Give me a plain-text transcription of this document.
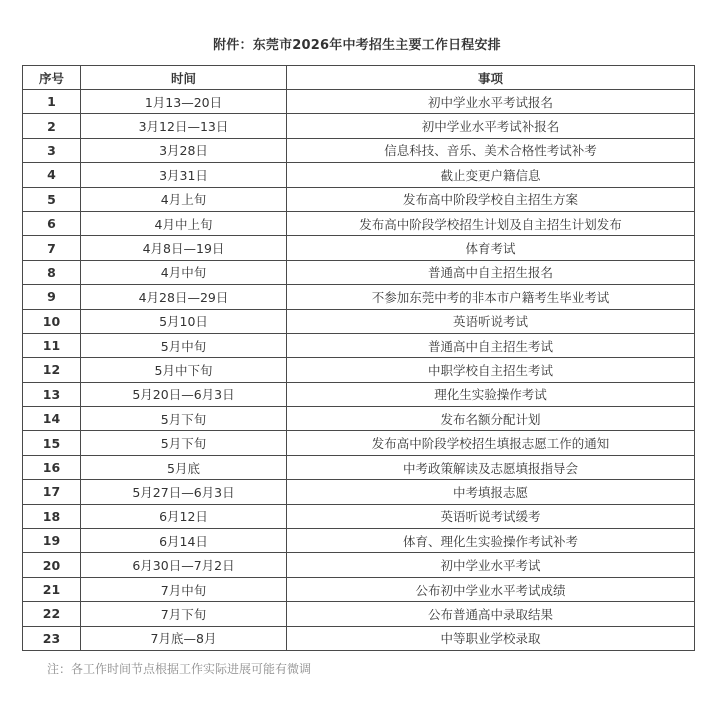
附件：东莞市2026年中考招生主要工作日程安排
序号	时间	事项
1	1月13—20日	初中学业水平考试报名
2	3月12日—13日	初中学业水平考试补报名
3	3月28日	信息科技、音乐、美术合格性考试补考
4	3月31日	截止变更户籍信息
5	4月上旬	发布高中阶段学校自主招生方案
6	4月中上旬	发布高中阶段学校招生计划及自主招生计划发布
7	4月8日—19日	体育考试
8	4月中旬	普通高中自主招生报名
9	4月28日—29日	不参加东莞中考的非本市户籍考生毕业考试
10	5月10日	英语听说考试
11	5月中旬	普通高中自主招生考试
12	5月中下旬	中职学校自主招生考试
13	5月20日—6月3日	理化生实验操作考试
14	5月下旬	发布名额分配计划
15	5月下旬	发布高中阶段学校招生填报志愿工作的通知
16	5月底	中考政策解读及志愿填报指导会
17	5月27日—6月3日	中考填报志愿
18	6月12日	英语听说考试缓考
19	6月14日	体育、理化生实验操作考试补考
20	6月30日—7月2日	初中学业水平考试
21	7月中旬	公布初中学业水平考试成绩
22	7月下旬	公布普通高中录取结果
23	7月底—8月	中等职业学校录取
注：各工作时间节点根据工作实际进展可能有微调
